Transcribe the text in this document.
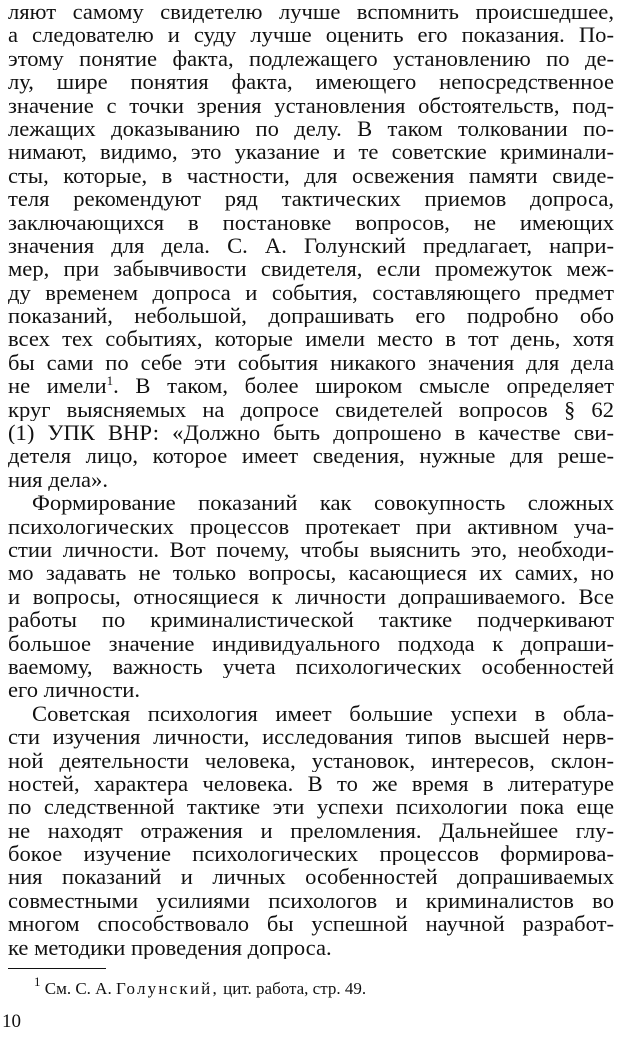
ляют самому свидетелю лучше вспомнить происшедшее,
а следователю и суду лучше оценить его показания. По-
этому понятие факта, подлежащего установлению по де-
лу, шире понятия факта, имеющего непосредственное
значение с точки зрения установления обстоятельств, под-
лежащих доказыванию по делу. В таком толковании по-
нимают, видимо, это указание и те советские криминали-
сты, которые, в частности, для освежения памяти свиде-
теля рекомендуют ряд тактических приемов допроса,
заключающихся в постановке вопросов, не имеющих
значения для дела. С. А. Голунский предлагает, напри-
мер, при забывчивости свидетеля, если промежуток меж-
ду временем допроса и события, составляющего предмет
показаний, небольшой, допрашивать его подробно обо
всех тех событиях, которые имели место в тот день, хотя
бы сами по себе эти события никакого значения для дела
не имели$^1$. В таком, более широком смысле определяет
круг выясняемых на допросе свидетелей вопросов § 62
(1) УПК ВНР: «Должно быть допрошено в качестве сви-
детеля лицо, которое имеет сведения, нужные для реше-
ния дела».
Формирование показаний как совокупность сложных
психологических процессов протекает при активном уча-
стии личности. Вот почему, чтобы выяснить это, необходи-
мо задавать не только вопросы, касающиеся их самих, но
и вопросы, относящиеся к личности допрашиваемого. Все
работы по криминалистической тактике подчеркивают
большое значение индивидуального подхода к допраши-
ваемому, важность учета психологических особенностей
его личности.
Советская психология имеет большие успехи в обла-
сти изучения личности, исследования типов высшей нерв-
ной деятельности человека, установок, интересов, склон-
ностей, характера человека. В то же время в литературе
по следственной тактике эти успехи психологии пока еще
не находят отражения и преломления. Дальнейшее глу-
бокое изучение психологических процессов формирова-
ния показаний и личных особенностей допрашиваемых
совместными усилиями психологов и криминалистов во
многом способствовало бы успешной научной разработ-
ке методики проведения допроса.
$^1$ См. С. А. Голунский, цит. работа, стр. 49.
10
